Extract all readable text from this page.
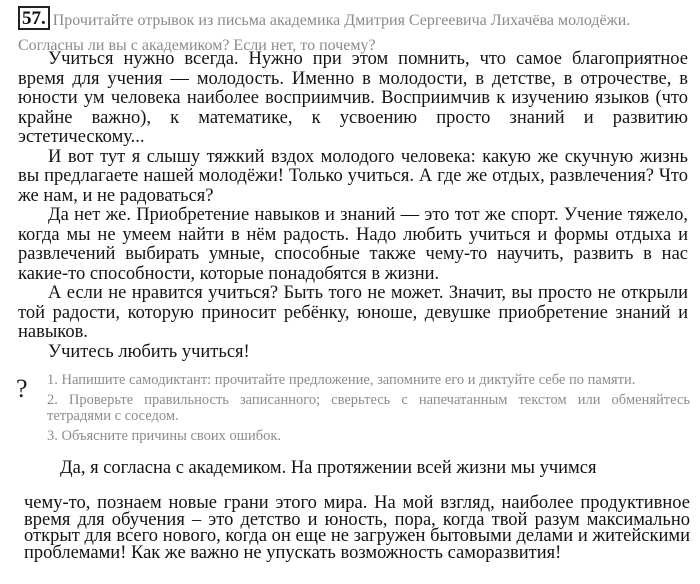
57. Прочитайте отрывок из письма академика Дмитрия Сергеевича Лихачёва молодёжи.
Согласны ли вы с академиком? Если нет, то почему?

Учиться нужно всегда. Нужно при этом помнить, что самое благоприятное время для учения — молодость. Именно в молодости, в детстве, в отрочестве, в юности ум человека наиболее восприимчив. Восприимчив к изучению языков (что крайне важно), к математике, к усвоению просто знаний и развитию эстетическому...

И вот тут я слышу тяжкий вздох молодого человека: какую же скучную жизнь вы предлагаете нашей молодёжи! Только учиться. А где же отдых, развлечения? Что же нам, и не радоваться?

Да нет же. Приобретение навыков и знаний — это тот же спорт. Учение тяжело, когда мы не умеем найти в нём радость. Надо любить учиться и формы отдыха и развлечений выбирать умные, способные также чему-то научить, развить в нас какие-то способности, которые понадобятся в жизни.

А если не нравится учиться? Быть того не может. Значит, вы просто не открыли той радости, которую приносит ребёнку, юноше, девушке приобретение знаний и навыков.

Учитесь любить учиться!

? 1. Напишите самодиктант: прочитайте предложение, запомните его и диктуйте себе по памяти.

2. Проверьте правильность записанного; сверьтесь с напечатанным текстом или обменяйтесь тетрадями с соседом.

3. Объясните причины своих ошибок.

Да, я согласна с академиком. На протяжении всей жизни мы учимся
чему-то, познаем новые грани этого мира. На мой взгляд, наиболее продуктивное время для обучения – это детство и юность, пора, когда твой разум максимально открыт для всего нового, когда он еще не загружен бытовыми делами и житейскими проблемами! Как же важно не упускать возможность саморазвития!
